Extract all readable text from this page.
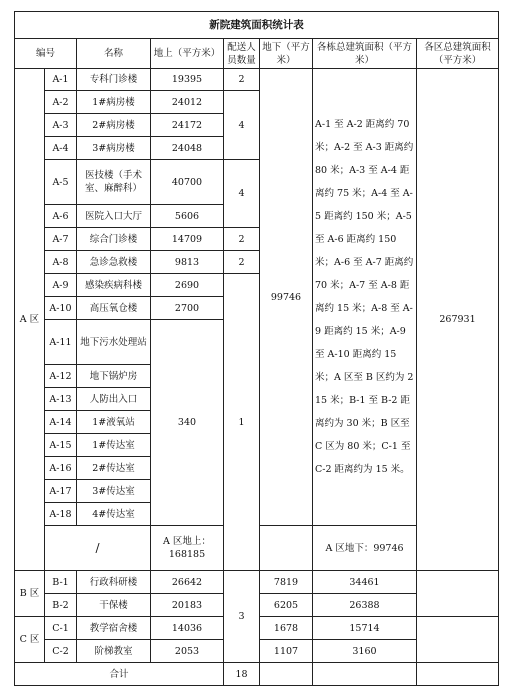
新院建筑面积统计表								
编号		名称	地上（平方米）	配送人员数量	地下（平方米）	各栋总建筑面积（平方米）	各区总建筑面积（平方米）	
A 区	A-1	专科门诊楼	19395	2	99746	A-1 至 A-2 距离约 70 米；A-2 至 A-3 距离约 80 米；A-3 至 A-4 距离约 75 米；A-4 至 A-5 距离约 150 米；A-5 至 A-6 距离约 150 米；A-6 至 A-7 距离约 70 米；A-7 至 A-8 距离约 15 米；A-8 至 A-9 距离约 15 米；A-9 至 A-10 距离约 15 米；A 区至 B 区约为 215 米；B-1 至 B-2 距离约为 30 米；B 区至 C 区为 80 米；C-1 至 C-2 距离约为 15 米。	267931	
	A-2	1#病房楼	24012	4				
	A-3	2#病房楼	24172					
	A-4	3#病房楼	24048					
	A-5	医技楼（手术室、麻醉科）	40700	4				
	A-6	医院入口大厅	5606					
	A-7	综合门诊楼	14709	2				
	A-8	急诊急救楼	9813	2				
	A-9	感染疾病科楼	2690	1				
	A-10	高压氧仓楼	2700					
	A-11	地下污水处理站	340					
	A-12	地下锅炉房						
	A-13	人防出入口						
	A-14	1#液氧站						
	A-15	1#传达室						
	A-16	2#传达室						
	A-17	3#传达室						
	A-18	4#传达室						
	/		A 区地上：168185			A 区地下：99746		
B 区	B-1	行政科研楼	26642	3	7819	34461		
	B-2	干保楼	20183		6205	26388		
C 区	C-1	教学宿舍楼	14036		1678	15714		
	C-2	阶梯教室	2053		1107	3160		
合计				18				
